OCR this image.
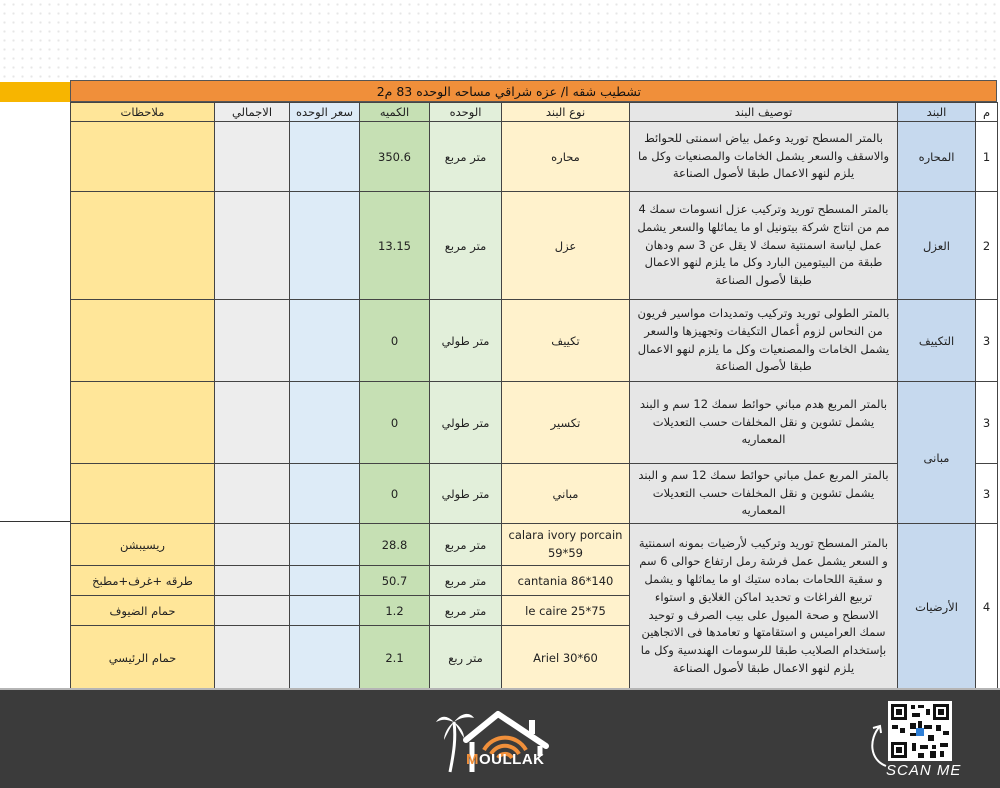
تشطيب شقه ا/ عزه شراقي مساحه الوحده 83 م2
م	البند	توصيف البند	نوع البند	الوحده	الكميه	سعر الوحده	الاجمالي	ملاحظات
1	المحاره	بالمتر المسطح توريد وعمل بياض اسمنتى للحوائط والاسقف والسعر يشمل الخامات والمصنعيات وكل ما يلزم لنهو الاعمال طبقا لأصول الصناعة	محاره	متر مربع	350.6			
2	العزل	بالمتر المسطح توريد وتركيب عزل انسومات سمك 4 مم من انتاج شركة بيتونيل او ما يماثلها والسعر يشمل عمل لياسة اسمنتية سمك لا يقل عن 3 سم ودهان طبقة من البيتومين البارد وكل ما يلزم لنهو الاعمال طبقا لأصول الصناعة	عزل	متر مربع	13.15			
3	التكييف	بالمتر الطولى توريد وتركيب وتمديدات مواسير فريون من النحاس لزوم أعمال التكيفات وتجهيزها والسعر يشمل الخامات والمصنعيات وكل ما يلزم لنهو الاعمال طبقا لأصول الصناعة	تكييف	متر طولي	0			
3	مبانى	بالمتر المربع هدم مباني حوائط سمك 12 سم و البند يشمل تشوين و نقل المخلفات حسب التعديلات المعماريه	تكسير	متر طولي	0			
3		بالمتر المربع عمل مباني حوائط سمك 12 سم و البند يشمل تشوين و نقل المخلفات حسب التعديلات المعماريه	مباني	متر طولي	0			
4	الأرضيات	بالمتر المسطح توريد وتركيب لأرضيات بمونه اسمنتية و السعر يشمل عمل فرشة رمل ارتفاع حوالى 6 سم و سقية اللحامات بماده ستيك او ما يماثلها و يشمل تربيع الفراغات و تحديد اماكن الغلايق و استواء الاسطح و صحة الميول على بيب الصرف و توحيد سمك العراميس و استقامتها و تعامدها فى الاتجاهين بإستخدام الصلايب طبقا للرسومات الهندسية وكل ما يلزم لنهو الاعمال طبقا لأصول الصناعة	calara ivory porcain 59*59	متر مربع	28.8			ريسيبشن
			cantania 86*140	متر مربع	50.7			طرقه +غرف+مطبخ
			le caire 25*75	متر مربع	1.2			حمام الضيوف
			Ariel 30*60	متر ربع	2.1			حمام الرئيسي
MOULLAK
SCAN ME
